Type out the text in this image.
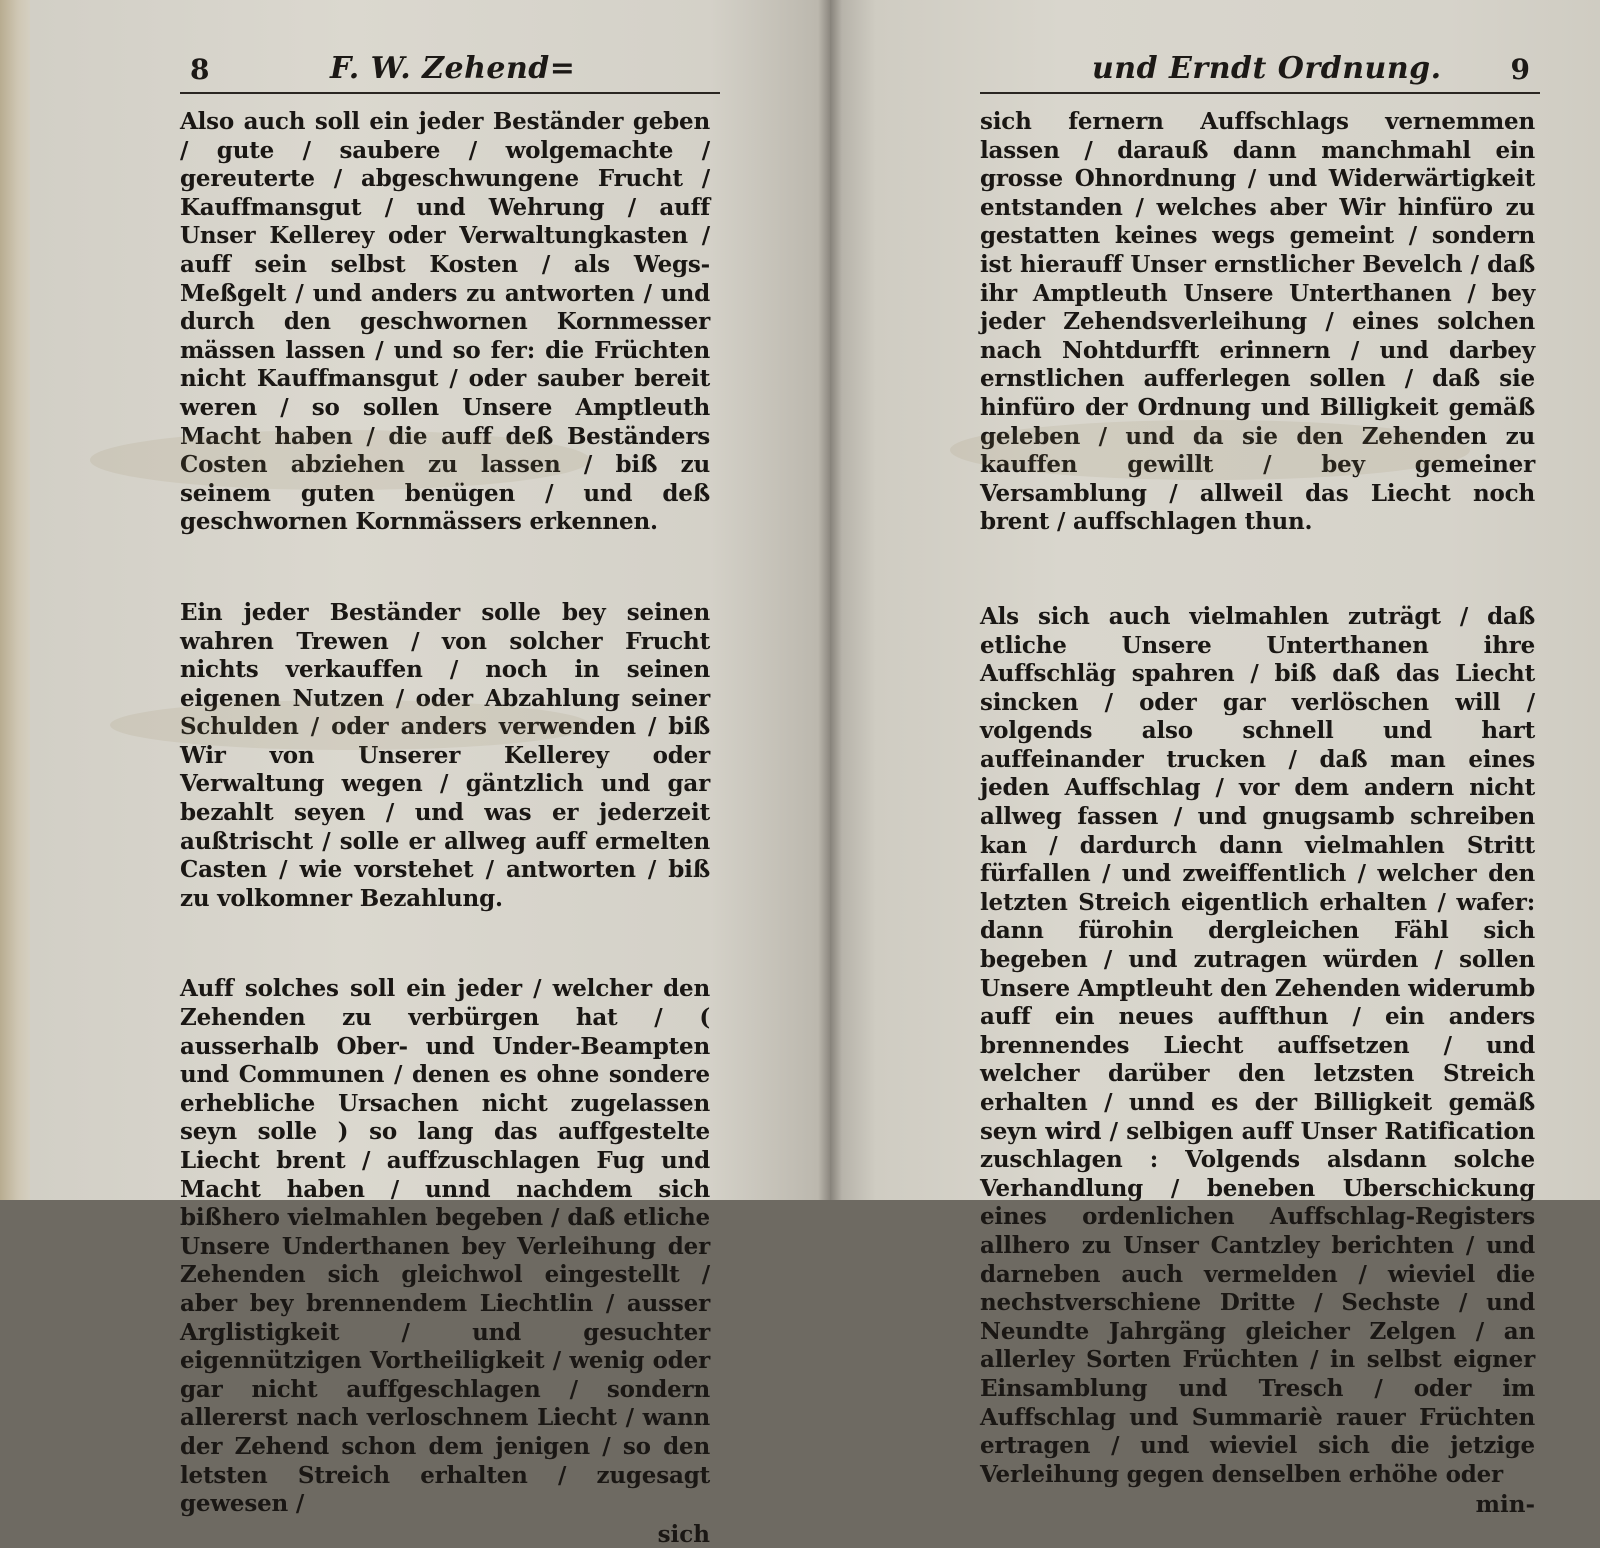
8	F. W. Zehend=

Also auch soll ein jeder Beständer geben / gute / saubere / wolgemachte / gereuterte / abgeschwungene Frucht / Kauffmansgut / und Wehrung / auff Unser Kellerey oder Verwaltungkasten / auff sein selbst Kosten / als Wegs-Meßgelt / und anders zu antworten / und durch den geschwornen Kornmesser mässen lassen / und so fer: die Früchten nicht Kauffmansgut / oder sauber bereit weren / so sollen Unsere Amptleuth Macht haben / die auff deß Beständers Costen abziehen zu lassen / biß zu seinem guten benügen / und deß geschwornen Kornmässers erkennen.

Ein jeder Beständer solle bey seinen wahren Trewen / von solcher Frucht nichts verkauffen / noch in seinen eigenen Nutzen / oder Abzahlung seiner Schulden / oder anders verwenden / biß Wir von Unserer Kellerey oder Verwaltung wegen / gäntzlich und gar bezahlt seyen / und was er jederzeit außtrischt / solle er allweg auff ermelten Casten / wie vorstehet / antworten / biß zu volkomner Bezahlung.

Auff solches soll ein jeder / welcher den Zehenden zu verbürgen hat / ( ausserhalb Ober- und Under-Beampten und Communen / denen es ohne sondere erhebliche Ursachen nicht zugelassen seyn solle ) so lang das auffgestelte Liecht brent / auffzuschlagen Fug und Macht haben / unnd nachdem sich bißhero vielmahlen begeben / daß etliche Unsere Underthanen bey Verleihung der Zehenden sich gleichwol eingestellt / aber bey brennendem Liechtlin / ausser Arglistigkeit / und gesuchter eigennützigen Vortheiligkeit / wenig oder gar nicht auffgeschlagen / sondern allererst nach verloschnem Liecht / wann der Zehend schon dem jenigen / so den letsten Streich erhalten / zugesagt gewesen /

sich
und Erndt Ordnung. 9

sich fernern Auffschlags vernemmen lassen / darauß dann manchmahl ein grosse Ohnordnung / und Widerwärtigkeit entstanden / welches aber Wir hinfüro zu gestatten keines wegs gemeint / sondern ist hierauff Unser ernstlicher Bevelch / daß ihr Amptleuth Unsere Unterthanen / bey jeder Zehendsverleihung / eines solchen nach Nohtdurfft erinnern / und darbey ernstlichen aufferlegen sollen / daß sie hinfüro der Ordnung und Billigkeit gemäß geleben / und da sie den Zehenden zu kauffen gewillt / bey gemeiner Versamblung / allweil das Liecht noch brent / auffschlagen thun.

Als sich auch vielmahlen zuträgt / daß etliche Unsere Unterthanen ihre Auffschläg spahren / biß daß das Liecht sincken / oder gar verlöschen will / volgends also schnell und hart auffeinander trucken / daß man eines jeden Auffschlag / vor dem andern nicht allweg fassen / und gnugsamb schreiben kan / dardurch dann vielmahlen Stritt fürfallen / und zweiffentlich / welcher den letzten Streich eigentlich erhalten / wafer: dann fürohin dergleichen Fähl sich begeben / und zutragen würden / sollen Unsere Amptleuht den Zehenden widerumb auff ein neues auffthun / ein anders brennendes Liecht auffsetzen / und welcher darüber den letzsten Streich erhalten / unnd es der Billigkeit gemäß seyn wird / selbigen auff Unser Ratification zuschlagen : Volgends alsdann solche Verhandlung / beneben Uberschickung eines ordenlichen Auffschlag-Registers allhero zu Unser Cantzley berichten / und darneben auch vermelden / wieviel die nechstverschiene Dritte / Sechste / und Neundte Jahrgäng gleicher Zelgen / an allerley Sorten Früchten / in selbst eigner Einsamblung und Tresch / oder im Auffschlag und Summariè rauer Früchten ertragen / und wieviel sich die jetzige Verleihung gegen denselben erhöhe oder

min-
